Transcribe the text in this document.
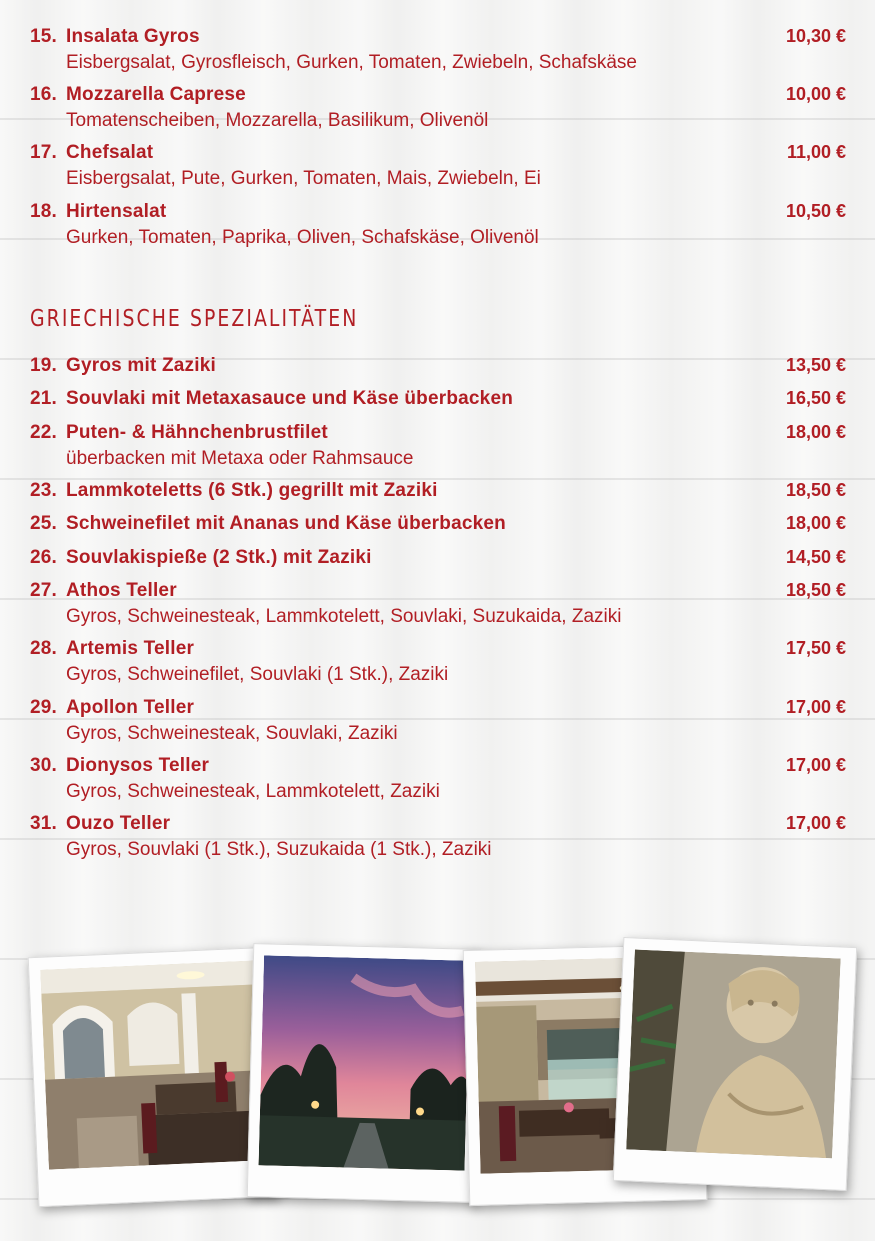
15. Insalata Gyros	10,30 €
Eisbergsalat, Gyrosfleisch, Gurken, Tomaten, Zwiebeln, Schafskäse
16. Mozzarella Caprese	10,00 €
Tomatenscheiben, Mozzarella, Basilikum, Olivenöl
17. Chefsalat	11,00 €
Eisbergsalat, Pute, Gurken, Tomaten, Mais, Zwiebeln, Ei
18. Hirtensalat	10,50 €
Gurken, Tomaten, Paprika, Oliven, Schafskäse, Olivenöl
GRIECHISCHE SPEZIALITÄTEN
19. Gyros mit Zaziki	13,50 €
21. Souvlaki mit Metaxasauce und Käse überbacken	16,50 €
22. Puten- & Hähnchenbrustfilet	18,00 €
überbacken mit Metaxa oder Rahmsauce
23. Lammkoteletts (6 Stk.) gegrillt mit Zaziki	18,50 €
25. Schweinefilet mit Ananas und Käse überbacken	18,00 €
26. Souvlakispieße (2 Stk.) mit Zaziki	14,50 €
27. Athos Teller	18,50 €
Gyros, Schweinesteak, Lammkotelett, Souvlaki, Suzukaida, Zaziki
28. Artemis Teller	17,50 €
Gyros, Schweinefilet, Souvlaki (1 Stk.), Zaziki
29. Apollon Teller	17,00 €
Gyros, Schweinesteak, Souvlaki, Zaziki
30. Dionysos Teller	17,00 €
Gyros, Schweinesteak, Lammkotelett, Zaziki
31. Ouzo Teller	17,00 €
Gyros, Souvlaki (1 Stk.), Suzukaida (1 Stk.), Zaziki
